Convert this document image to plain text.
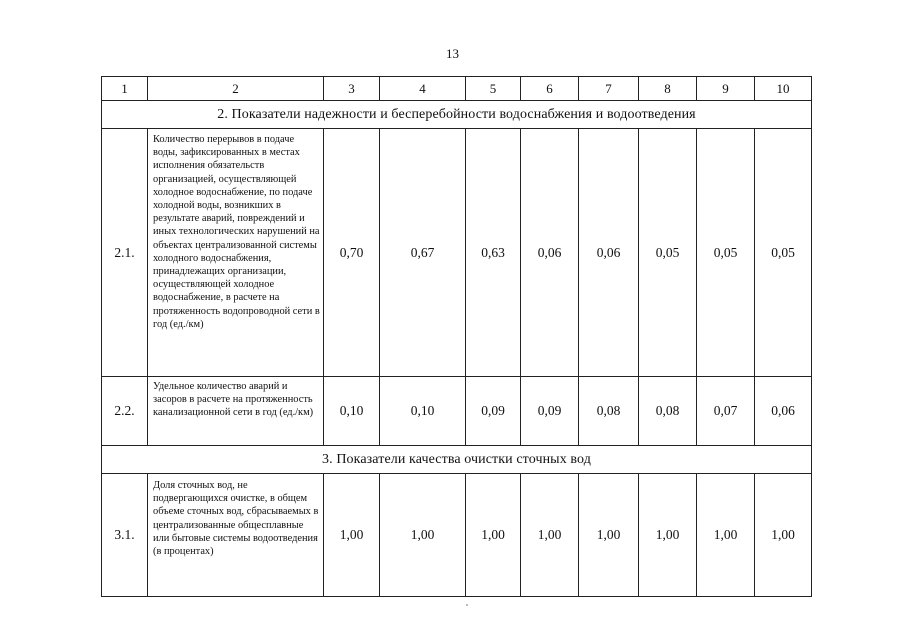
13
1	2	3	4	5	6	7	8	9	10
2. Показатели надежности и бесперебойности водоснабжения и водоотведения									
2.1.	Количество перерывов в подаче воды, зафиксированных в местах исполнения обязательств организацией, осуществляющей холодное водоснабжение, по подаче холодной воды, возникших в результате аварий, повреждений и иных технологических нарушений на объектах централизованной системы холодного водоснабжения, принадлежащих организации, осуществляющей холодное водоснабжение, в расчете на протяженность водопроводной сети в год (ед./км)	0,70	0,67	0,63	0,06	0,06	0,05	0,05	0,05
2.2.	Удельное количество аварий и засоров в расчете на протяженность канализационной сети в год (ед./км)	0,10	0,10	0,09	0,09	0,08	0,08	0,07	0,06
3. Показатели качества очистки сточных вод									
3.1.	Доля сточных вод, не подвергающихся очистке, в общем объеме сточных вод, сбрасываемых в централизованные общесплавные или бытовые системы водоотведения (в процентах)	1,00	1,00	1,00	1,00	1,00	1,00	1,00	1,00
